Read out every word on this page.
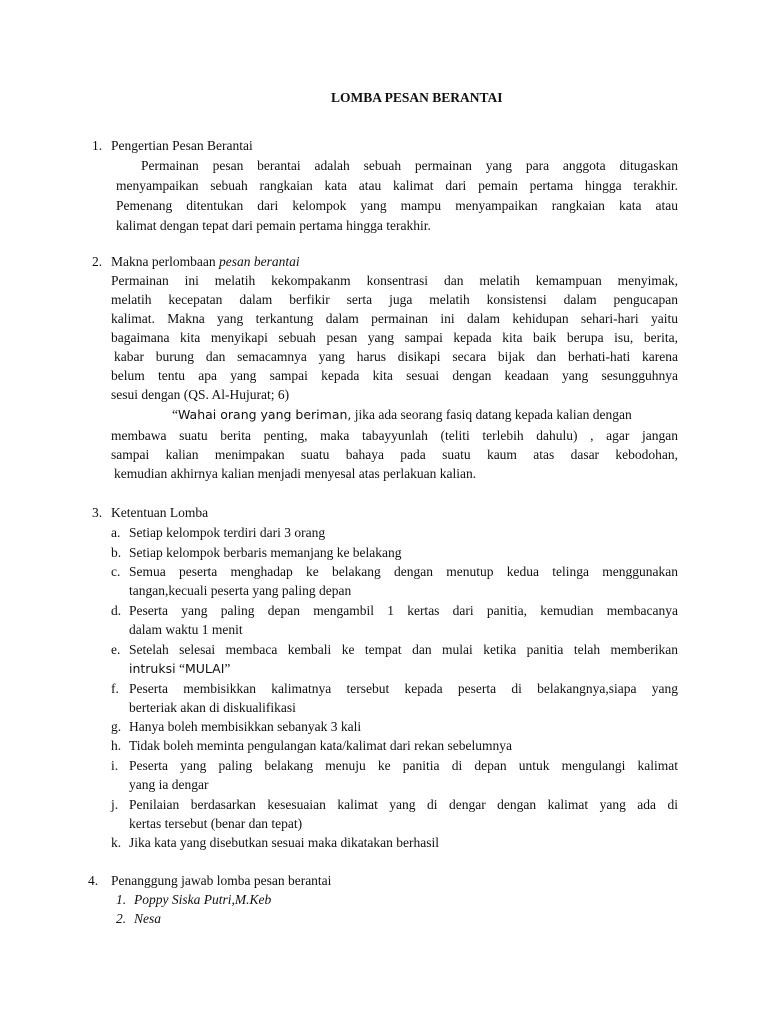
LOMBA PESAN BERANTAI
1. Pengertian Pesan Berantai
Permainan pesan berantai adalah sebuah permainan yang para anggota ditugaskan
menyampaikan sebuah rangkaian kata atau kalimat dari pemain pertama hingga terakhir.
Pemenang ditentukan dari kelompok yang mampu menyampaikan rangkaian kata atau
kalimat dengan tepat dari pemain pertama hingga terakhir.
2. Makna perlombaan pesan berantai
Permainan ini melatih kekompakanm konsentrasi dan melatih kemampuan menyimak,
melatih kecepatan dalam berfikir serta juga melatih konsistensi dalam pengucapan
kalimat. Makna yang terkantung dalam permainan ini dalam kehidupan sehari-hari yaitu
bagaimana kita menyikapi sebuah pesan yang sampai kepada kita baik berupa isu, berita,
kabar burung dan semacamnya yang harus disikapi secara bijak dan berhati-hati karena
belum tentu apa yang sampai kepada kita sesuai dengan keadaan yang sesungguhnya
sesui dengan (QS. Al-Hujurat; 6)
“Wahai orang yang beriman, jika ada seorang fasiq datang kepada kalian dengan
membawa suatu berita penting, maka tabayyunlah (teliti terlebih dahulu) , agar jangan
sampai kalian menimpakan suatu bahaya pada suatu kaum atas dasar kebodohan,
kemudian akhirnya kalian menjadi menyesal atas perlakuan kalian.
3. Ketentuan Lomba
a. Setiap kelompok terdiri dari 3 orang
b. Setiap kelompok berbaris memanjang ke belakang
c. Semua peserta menghadap ke belakang dengan menutup kedua telinga menggunakan
tangan,kecuali peserta yang paling depan
d. Peserta yang paling depan mengambil 1 kertas dari panitia, kemudian membacanya
dalam waktu 1 menit
e. Setelah selesai membaca kembali ke tempat dan mulai ketika panitia telah memberikan
intruksi “MULAI”
f. Peserta membisikkan kalimatnya tersebut kepada peserta di belakangnya,siapa yang
berteriak akan di diskualifikasi
g. Hanya boleh membisikkan sebanyak 3 kali
h. Tidak boleh meminta pengulangan kata/kalimat dari rekan sebelumnya
i. Peserta yang paling belakang menuju ke panitia di depan untuk mengulangi kalimat
yang ia dengar
j. Penilaian berdasarkan kesesuaian kalimat yang di dengar dengan kalimat yang ada di
kertas tersebut (benar dan tepat)
k. Jika kata yang disebutkan sesuai maka dikatakan berhasil
4. Penanggung jawab lomba pesan berantai
1. Poppy Siska Putri,M.Keb
2. Nesa
